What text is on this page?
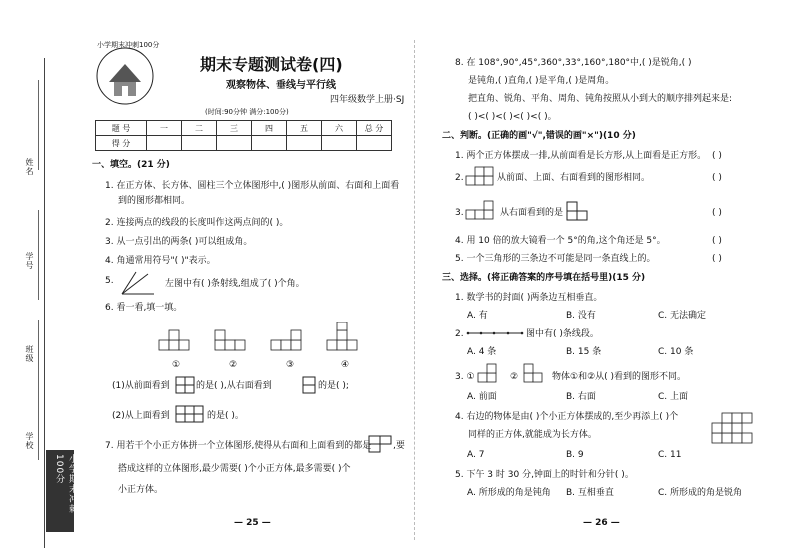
姓名
学号
班级
学校
小学期末冲刺100分
小学期末冲刺100分
期末专题测试卷(四)
观察物体、垂线与平行线
四年级数学上册·SJ
(时间:90分钟 满分:100分)
题 号	一	二	三	四	五	六	总 分
得 分							
一、填空。(21 分)
1. 在正方体、长方体、圆柱三个立体图形中,( )图形从前面、右面和上面看
到的图形都相同。
2. 连接两点的线段的长度叫作这两点间的( )。
3. 从一点引出的两条( )可以组成角。
4. 角通常用符号"( )"表示。
5.	左图中有( )条射线,组成了( )个角。
6. 看一看,填一填。
①	②	③	④
(1)从前面看到	的是( ),从右面看到	的是( );
(2)从上面看到	的是( )。
7. 用若干个小正方体拼一个立体图形,使得从右面和上面看到的都是 ,要
搭成这样的立体图形,最少需要( )个小正方体,最多需要( )个
小正方体。
— 25 —
8. 在 108°,90°,45°,360°,33°,160°,180°中,( )是锐角,( )
是钝角,( )直角,( )是平角,( )是周角。
把直角、锐角、平角、周角、钝角按照从小到大的顺序排列起来是:
( )<( )<( )<( )<( )。
二、判断。(正确的画"√",错误的画"×")(10 分)
1. 两个正方体摆成一排,从前面看是长方形,从上面看是正方形。 ( )
2.	从前面、上面、右面看到的图形相同。	( )
3.	从右面看到的是	( )
4. 用 10 倍的放大镜看一个 5°的角,这个角还是 5°。	( )
5. 一个三角形的三条边不可能是同一条直线上的。	( )
三、选择。(将正确答案的序号填在括号里)(15 分)
1. 数学书的封面( )两条边互相垂直。
A. 有	B. 没有	C. 无法确定
2.	图中有( )条线段。
A. 4 条	B. 15 条	C. 10 条
3. ①	②	物体①和②从( )看到的图形不同。
A. 前面	B. 右面	C. 上面
4. 右边的物体是由( )个小正方体摆成的,至少再添上( )个
同样的正方体,就能成为长方体。
A. 7	B. 9	C. 11
5. 下午 3 时 30 分,钟面上的时针和分针( )。
A. 所形成的角是钝角 B. 互相垂直	C. 所形成的角是锐角
— 26 —
